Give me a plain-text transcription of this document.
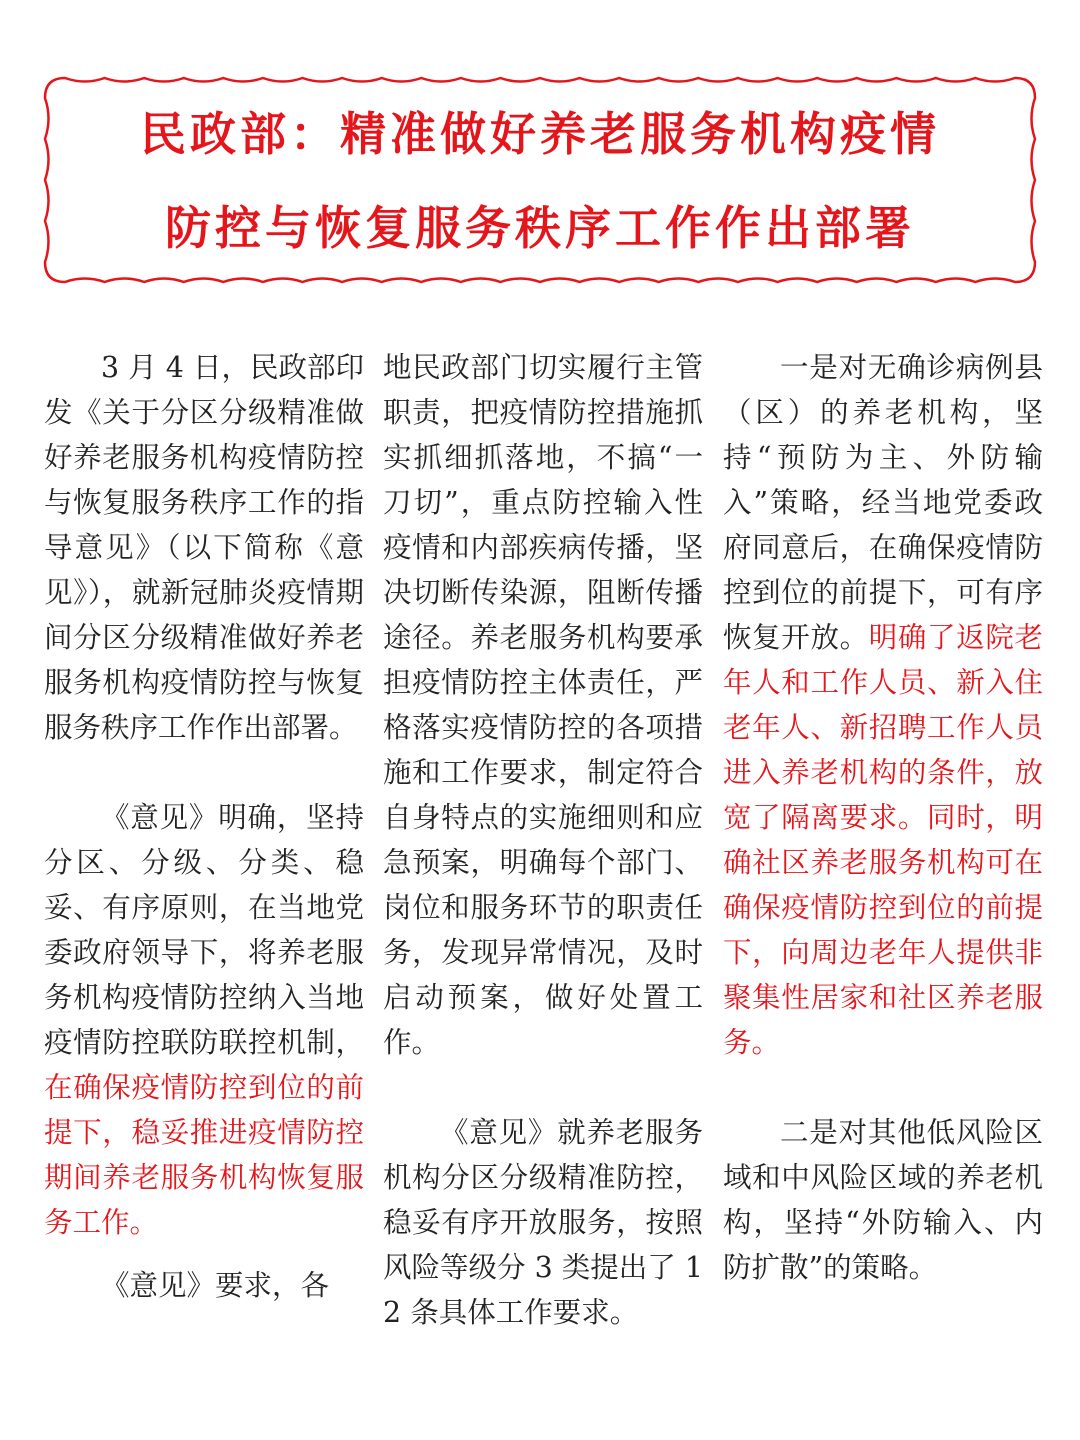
民政部：精准做好养老服务机构疫情
防控与恢复服务秩序工作作出部署

3 月 4 日，民政部印发《关于分区分级精准做好养老服务机构疫情防控与恢复服务秩序工作的指导意见》（以下简称《意见》），就新冠肺炎疫情期间分区分级精准做好养老服务机构疫情防控与恢复服务秩序工作作出部署。

《意见》明确，坚持分区、分级、分类、稳妥、有序原则，在当地党委政府领导下，将养老服务机构疫情防控纳入当地疫情防控联防联控机制，在确保疫情防控到位的前提下，稳妥推进疫情防控期间养老服务机构恢复服务工作。

《意见》要求，各

地民政部门切实履行主管职责，把疫情防控措施抓实抓细抓落地，不搞“一刀切”，重点防控输入性疫情和内部疾病传播，坚决切断传染源，阻断传播途径。养老服务机构要承担疫情防控主体责任，严格落实疫情防控的各项措施和工作要求，制定符合自身特点的实施细则和应急预案，明确每个部门、岗位和服务环节的职责任务，发现异常情况，及时启动预案，做好处置工作。

《意见》就养老服务机构分区分级精准防控，稳妥有序开放服务，按照风险等级分 3 类提出了 12 条具体工作要求。

一是对无确诊病例县（区）的养老机构，坚持“预防为主、外防输入”策略，经当地党委政府同意后，在确保疫情防控到位的前提下，可有序恢复开放。明确了返院老年人和工作人员、新入住老年人、新招聘工作人员进入养老机构的条件，放宽了隔离要求。同时，明确社区养老服务机构可在确保疫情防控到位的前提下，向周边老年人提供非聚集性居家和社区养老服务。

二是对其他低风险区域和中风险区域的养老机构，坚持“外防输入、内防扩散”的策略。
